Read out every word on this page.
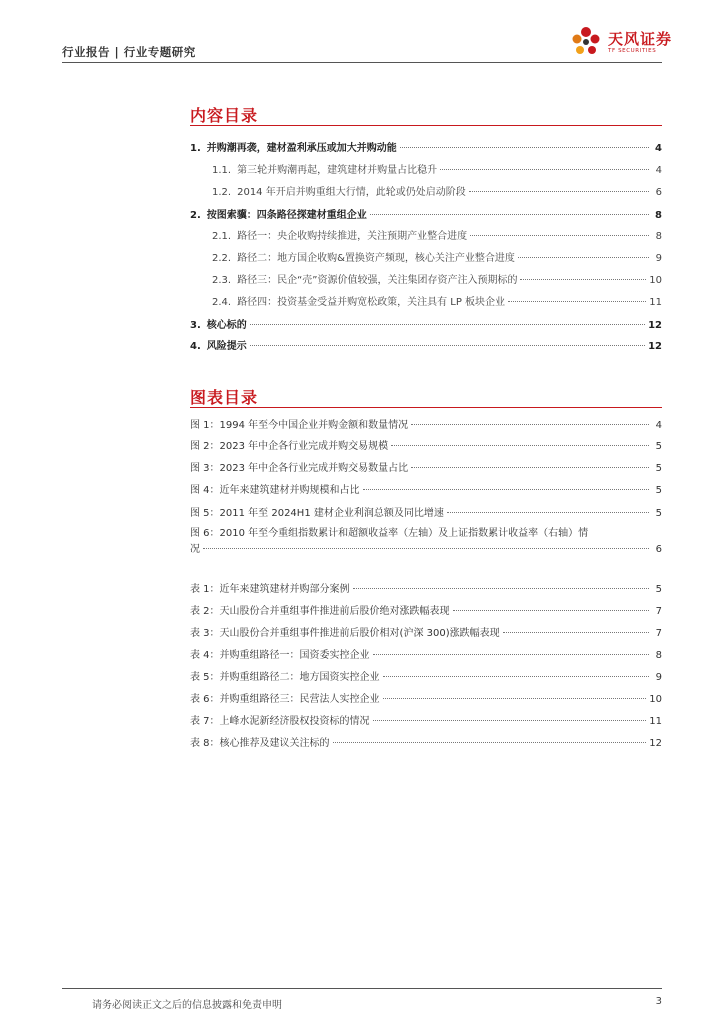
行业报告 | 行业专题研究
天风证券
TF SECURITIES
内容目录
1. 并购潮再袭，建材盈利承压或加大并购动能	4
1.1. 第三轮并购潮再起，建筑建材并购量占比稳升	4
1.2. 2014 年开启并购重组大行情，此轮或仍处启动阶段	6
2. 按图索骥：四条路径探建材重组企业	8
2.1. 路径一：央企收购持续推进，关注预期产业整合进度	8
2.2. 路径二：地方国企收购&置换资产频现，核心关注产业整合进度	9
2.3. 路径三：民企“壳”资源价值较强，关注集团存资产注入预期标的	10
2.4. 路径四：投资基金受益并购宽松政策，关注具有 LP 板块企业	11
3. 核心标的	12
4. 风险提示	12
图表目录
图 1：1994 年至今中国企业并购金额和数量情况	4
图 2：2023 年中企各行业完成并购交易规模	5
图 3：2023 年中企各行业完成并购交易数量占比	5
图 4：近年来建筑建材并购规模和占比	5
图 5：2011 年至 2024H1 建材企业利润总额及同比增速	5
图 6：2010 年至今重组指数累计和超额收益率（左轴）及上证指数累计收益率（右轴）情
况	6
表 1：近年来建筑建材并购部分案例	5
表 2：天山股份合并重组事件推进前后股价绝对涨跌幅表现	7
表 3：天山股份合并重组事件推进前后股价相对(沪深 300)涨跌幅表现	7
表 4：并购重组路径一：国资委实控企业	8
表 5：并购重组路径二：地方国资实控企业	9
表 6：并购重组路径三：民营法人实控企业	10
表 7：上峰水泥新经济股权投资标的情况	11
表 8：核心推荐及建议关注标的	12
请务必阅读正文之后的信息披露和免责申明	3
